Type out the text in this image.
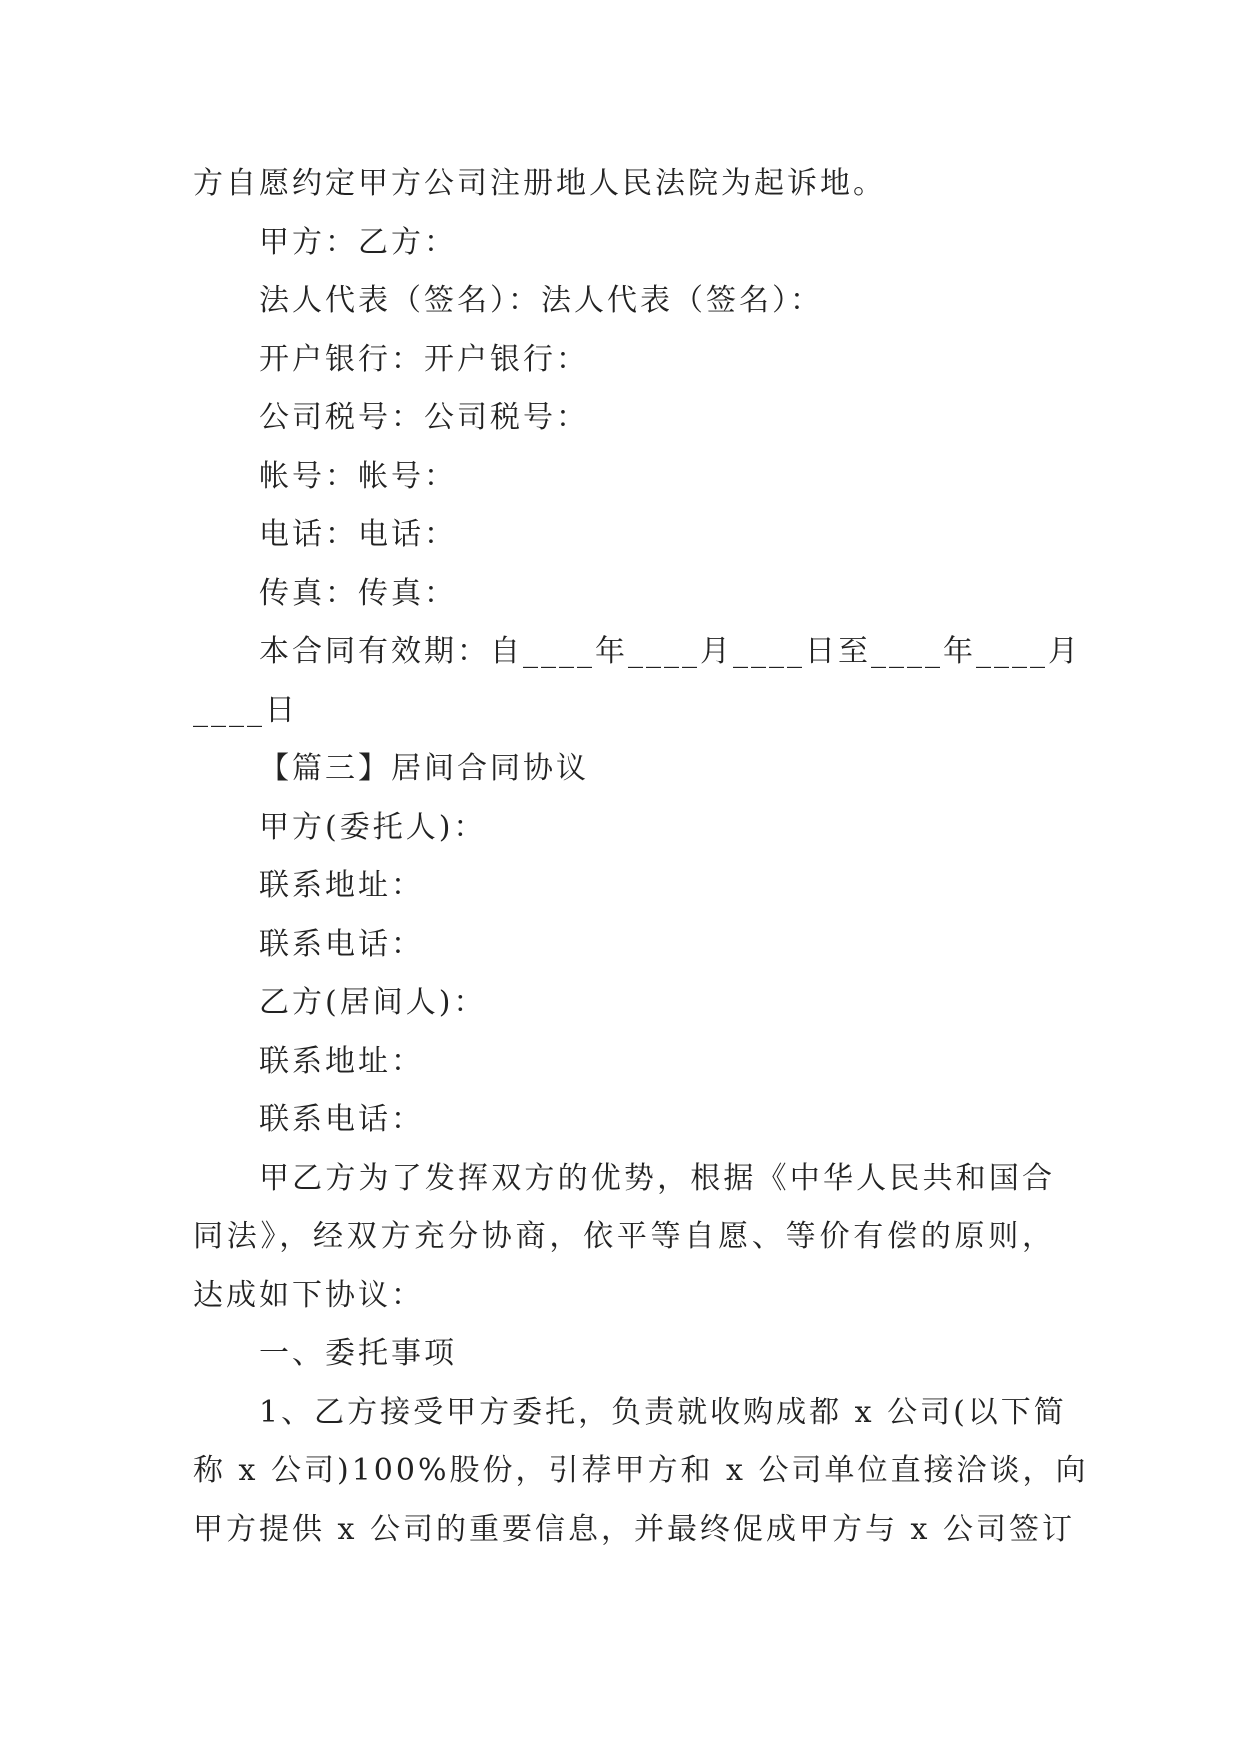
方自愿约定甲方公司注册地人民法院为起诉地。
甲方：乙方：
法人代表（签名）：法人代表（签名）：
开户银行：开户银行：
公司税号：公司税号：
帐号：帐号：
电话：电话：
传真：传真：
本合同有效期：自____年____月____日至____年____月
____日
【篇三】居间合同协议
甲方(委托人)：
联系地址：
联系电话：
乙方(居间人)：
联系地址：
联系电话：
甲乙方为了发挥双方的优势，根据《中华人民共和国合
同法》，经双方充分协商，依平等自愿、等价有偿的原则，
达成如下协议：
一、委托事项
1、乙方接受甲方委托，负责就收购成都 x 公司(以下简
称 x 公司)100%股份，引荐甲方和 x 公司单位直接洽谈，向
甲方提供 x 公司的重要信息，并最终促成甲方与 x 公司签订
